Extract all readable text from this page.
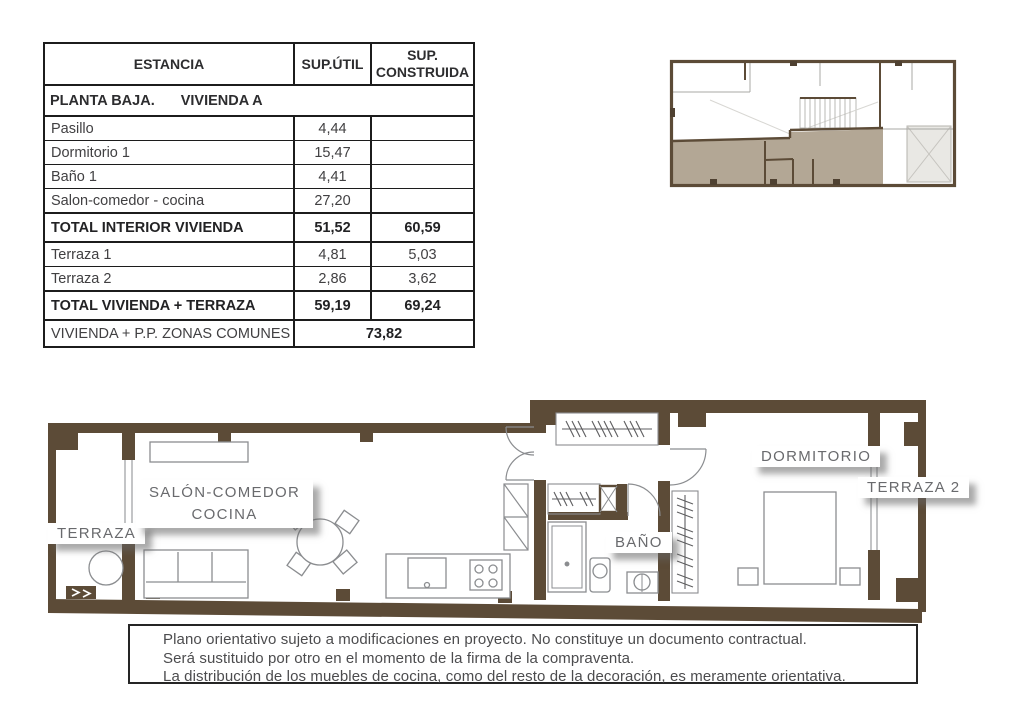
ESTANCIA	SUP.ÚTIL	SUP. CONSTRUIDA
PLANTA BAJA. VIVIENDA A		
Pasillo	4,44	
Dormitorio 1	15,47	
Baño 1	4,41	
Salon-comedor - cocina	27,20	
TOTAL INTERIOR VIVIENDA	51,52	60,59
Terraza 1	4,81	5,03
Terraza 2	2,86	3,62
TOTAL VIVIENDA + TERRAZA	59,19	69,24
VIVIENDA + P.P. ZONAS COMUNES	73,82	
TERRAZA
SALÓN-COMEDOR
COCINA
BAÑO
DORMITORIO
TERRAZA 2
Plano orientativo sujeto a modificaciones en proyecto. No constituye un documento contractual.
Será sustituido por otro en el momento de la firma de la compraventa.
La distribución de los muebles de cocina, como del resto de la decoración, es meramente orientativa.
